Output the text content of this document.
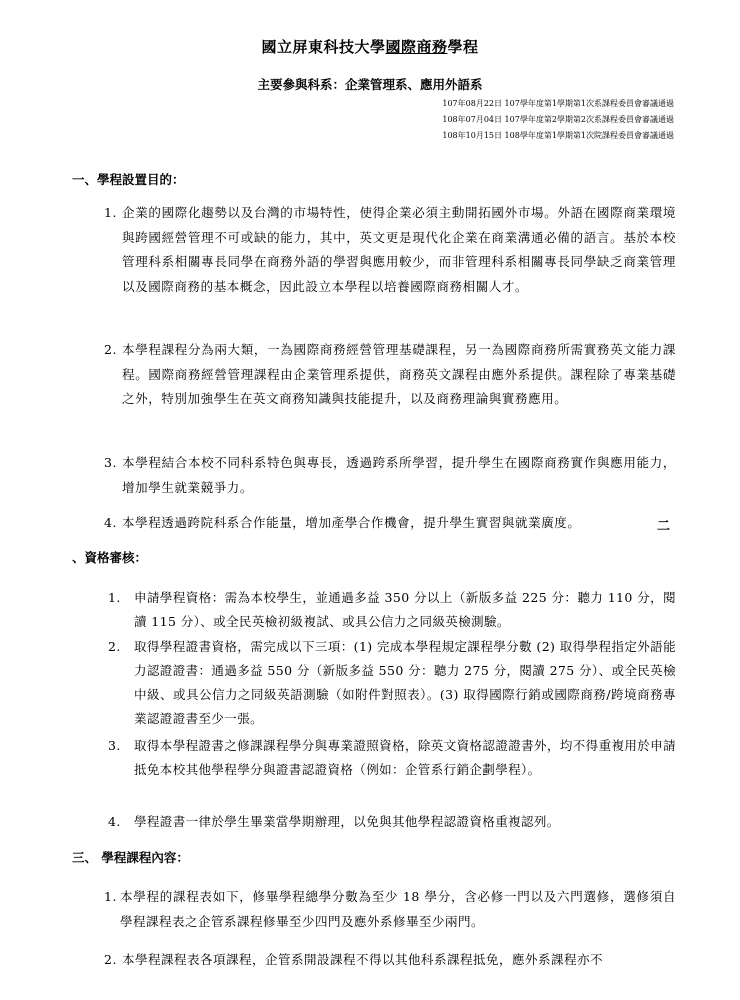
國立屏東科技大學國際商務學程
主要參與科系：企業管理系、應用外語系
107年08月22日 107學年度第1學期第1次系課程委員會審議通過
108年07月04日 107學年度第2學期第2次系課程委員會審議通過
108年10月15日 108學年度第1學期第1次院課程委員會審議通過
一、學程設置目的：
1. 企業的國際化趨勢以及台灣的市場特性，使得企業必須主動開拓國外市場。外語在國際商業環境與跨國經營管理不可或缺的能力，其中，英文更是現代化企業在商業溝通必備的語言。基於本校管理科系相關專長同學在商務外語的學習與應用較少，而非管理科系相關專長同學缺乏商業管理以及國際商務的基本概念，因此設立本學程以培養國際商務相關人才。
2. 本學程課程分為兩大類，一為國際商務經營管理基礎課程，另一為國際商務所需實務英文能力課程。國際商務經營管理課程由企業管理系提供，商務英文課程由應外系提供。課程除了專業基礎之外，特別加強學生在英文商務知識與技能提升，以及商務理論與實務應用。
3. 本學程結合本校不同科系特色與專長，透過跨系所學習，提升學生在國際商務實作與應用能力，增加學生就業競爭力。
4. 本學程透過跨院科系合作能量，增加產學合作機會，提升學生實習與就業廣度。	二
、資格審核：
1.	申請學程資格：需為本校學生，並通過多益 350 分以上（新版多益 225 分：聽力 110 分，閱讀 115 分）、或全民英檢初級複試、或具公信力之同級英檢測驗。
2.	取得學程證書資格，需完成以下三項：(1) 完成本學程規定課程學分數 (2) 取得學程指定外語能力認證證書：通過多益 550 分（新版多益 550 分：聽力 275 分，閱讀 275 分）、或全民英檢中級、或具公信力之同級英語測驗（如附件對照表）。(3) 取得國際行銷或國際商務/跨境商務專業認證證書至少一張。
3.	取得本學程證書之修課課程學分與專業證照資格，除英文資格認證證書外，均不得重複用於申請抵免本校其他學程學分與證書認證資格（例如：企管系行銷企劃學程）。
4.	學程證書一律於學生畢業當學期辦理，以免與其他學程認證資格重複認列。
三、 學程課程內容：
1. 本學程的課程表如下，修畢學程總學分數為至少 18 學分，含必修一門以及六門選修，選修須自學程課程表之企管系課程修畢至少四門及應外系修畢至少兩門。
2. 本學程課程表各項課程，企管系開設課程不得以其他科系課程抵免，應外系課程亦不
